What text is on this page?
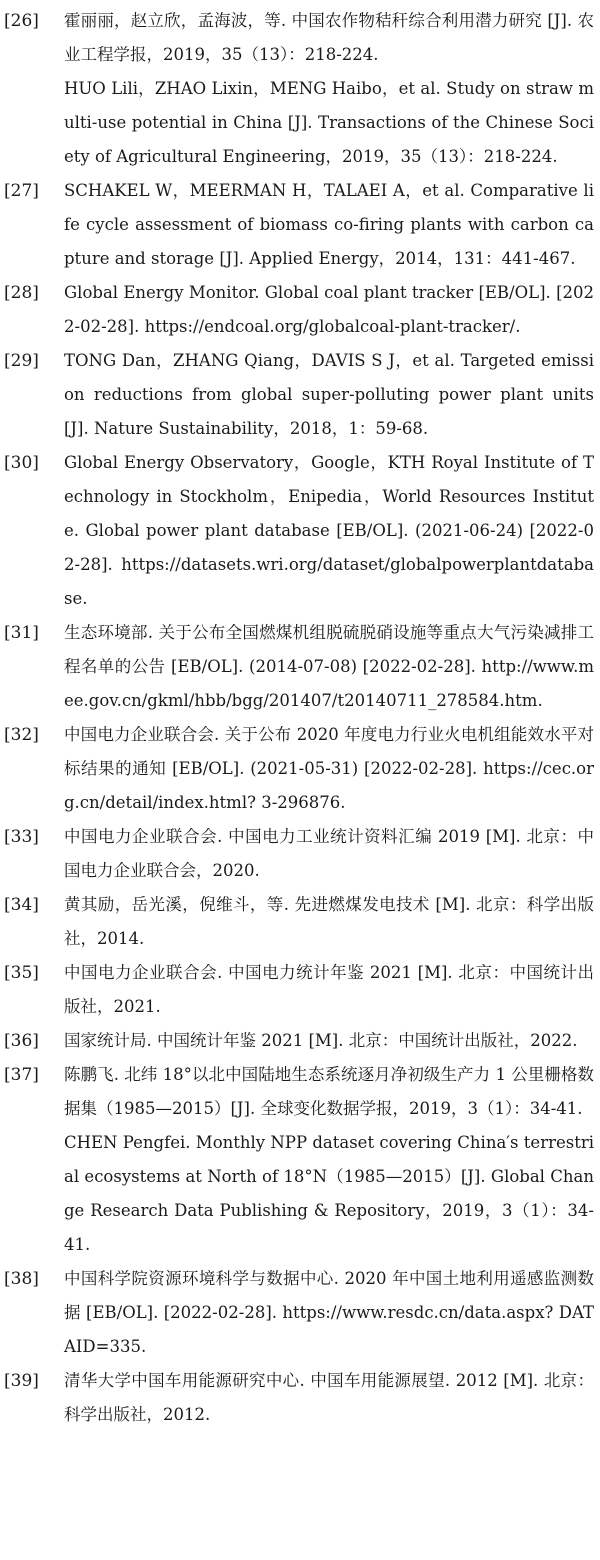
[26]	霍丽丽，赵立欣，孟海波，等. 中国农作物秸秆综合利用潜力研究 [J]. 农业工程学报，2019，35（13）：218-224.
HUO Lili，ZHAO Lixin，MENG Haibo，et al. Study on straw multi-use potential in China [J]. Transactions of the Chinese Society of Agricultural Engineering，2019，35（13）：218-224.
[27]	SCHAKEL W，MEERMAN H，TALAEI A，et al. Comparative life cycle assessment of biomass co-firing plants with carbon capture and storage [J]. Applied Energy，2014，131：441-467.
[28]	Global Energy Monitor. Global coal plant tracker [EB/OL]. [2022-02-28]. https://endcoal.org/globalcoal-plant-tracker/.
[29]	TONG Dan，ZHANG Qiang，DAVIS S J，et al. Targeted emission reductions from global super-polluting power plant units [J]. Nature Sustainability，2018，1：59-68.
[30]	Global Energy Observatory，Google，KTH Royal Institute of Technology in Stockholm，Enipedia，World Resources Institute. Global power plant database [EB/OL]. (2021-06-24) [2022-02-28]. https://datasets.wri.org/dataset/globalpowerplantdatabase.
[31]	生态环境部. 关于公布全国燃煤机组脱硫脱硝设施等重点大气污染减排工程名单的公告 [EB/OL]. (2014-07-08) [2022-02-28]. http://www.mee.gov.cn/gkml/hbb/bgg/201407/t20140711_278584.htm.
[32]	中国电力企业联合会. 关于公布 2020 年度电力行业火电机组能效水平对标结果的通知 [EB/OL]. (2021-05-31) [2022-02-28]. https://cec.org.cn/detail/index.html? 3-296876.
[33]	中国电力企业联合会. 中国电力工业统计资料汇编 2019 [M]. 北京：中国电力企业联合会，2020.
[34]	黄其励，岳光溪，倪维斗，等. 先进燃煤发电技术 [M]. 北京：科学出版社，2014.
[35]	中国电力企业联合会. 中国电力统计年鉴 2021 [M]. 北京：中国统计出版社，2021.
[36]	国家统计局. 中国统计年鉴 2021 [M]. 北京：中国统计出版社，2022.
[37]	陈鹏飞. 北纬 18°以北中国陆地生态系统逐月净初级生产力 1 公里栅格数据集（1985—2015）[J]. 全球变化数据学报，2019，3（1）：34-41.
CHEN Pengfei. Monthly NPP dataset covering China′s terrestrial ecosystems at North of 18°N（1985—2015）[J]. Global Change Research Data Publishing & Repository，2019，3（1）：34-41.
[38]	中国科学院资源环境科学与数据中心. 2020 年中国土地利用遥感监测数据 [EB/OL]. [2022-02-28]. https://www.resdc.cn/data.aspx? DATAID=335.
[39]	清华大学中国车用能源研究中心. 中国车用能源展望. 2012 [M]. 北京：科学出版社，2012.
